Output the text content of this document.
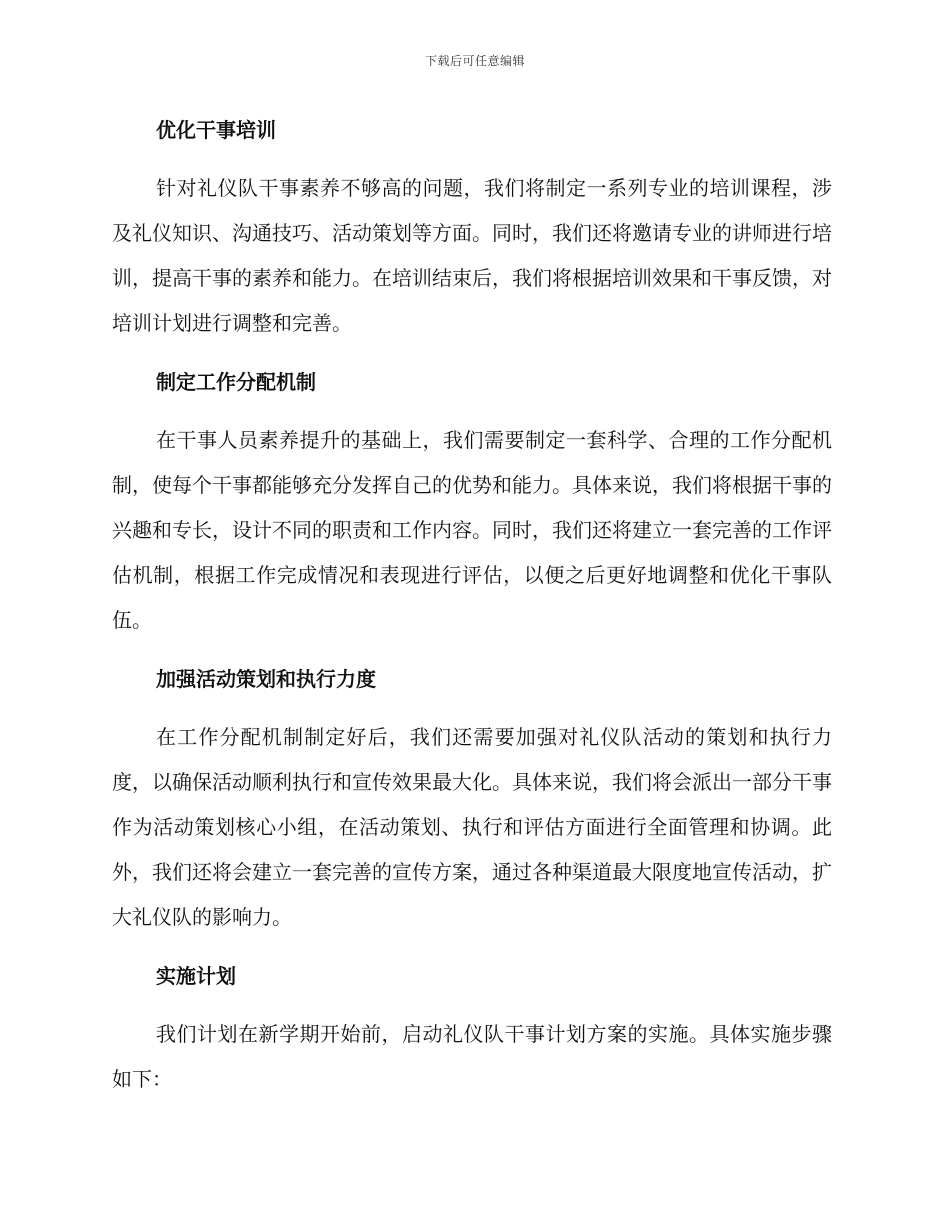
下载后可任意编辑
优化干事培训

针对礼仪队干事素养不够高的问题，我们将制定一系列专业的培训课程，涉及礼仪知识、沟通技巧、活动策划等方面。同时，我们还将邀请专业的讲师进行培训，提高干事的素养和能力。在培训结束后，我们将根据培训效果和干事反馈，对培训计划进行调整和完善。

制定工作分配机制

在干事人员素养提升的基础上，我们需要制定一套科学、合理的工作分配机制，使每个干事都能够充分发挥自己的优势和能力。具体来说，我们将根据干事的兴趣和专长，设计不同的职责和工作内容。同时，我们还将建立一套完善的工作评估机制，根据工作完成情况和表现进行评估，以便之后更好地调整和优化干事队伍。

加强活动策划和执行力度

在工作分配机制制定好后，我们还需要加强对礼仪队活动的策划和执行力度，以确保活动顺利执行和宣传效果最大化。具体来说，我们将会派出一部分干事作为活动策划核心小组，在活动策划、执行和评估方面进行全面管理和协调。此外，我们还将会建立一套完善的宣传方案，通过各种渠道最大限度地宣传活动，扩大礼仪队的影响力。

实施计划

我们计划在新学期开始前，启动礼仪队干事计划方案的实施。具体实施步骤如下：
